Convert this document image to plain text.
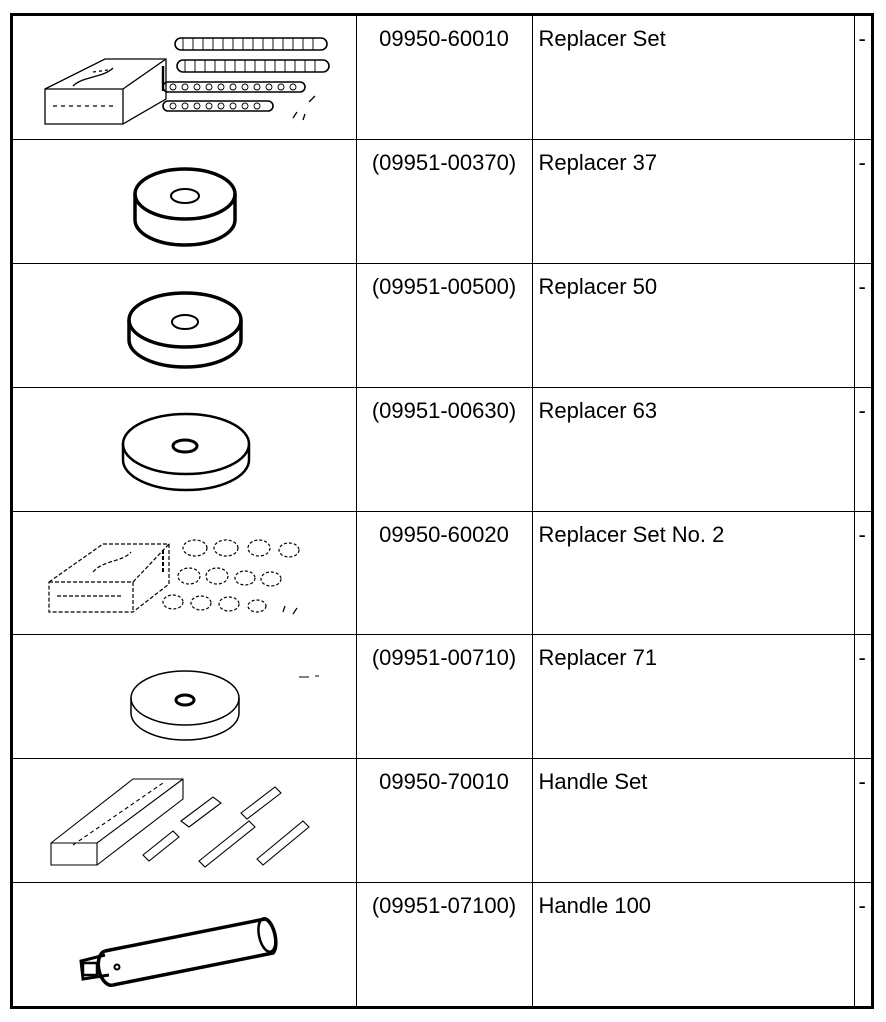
	09950-60010	Replacer Set	-

	(09951-00370)	Replacer 37	-

	(09951-00500)	Replacer 50	-

	(09951-00630)	Replacer 63	-

	09950-60020	Replacer Set No. 2	-

	(09951-00710)	Replacer 71	-

	09950-70010	Handle Set	-

	(09951-07100)	Handle 100	-
